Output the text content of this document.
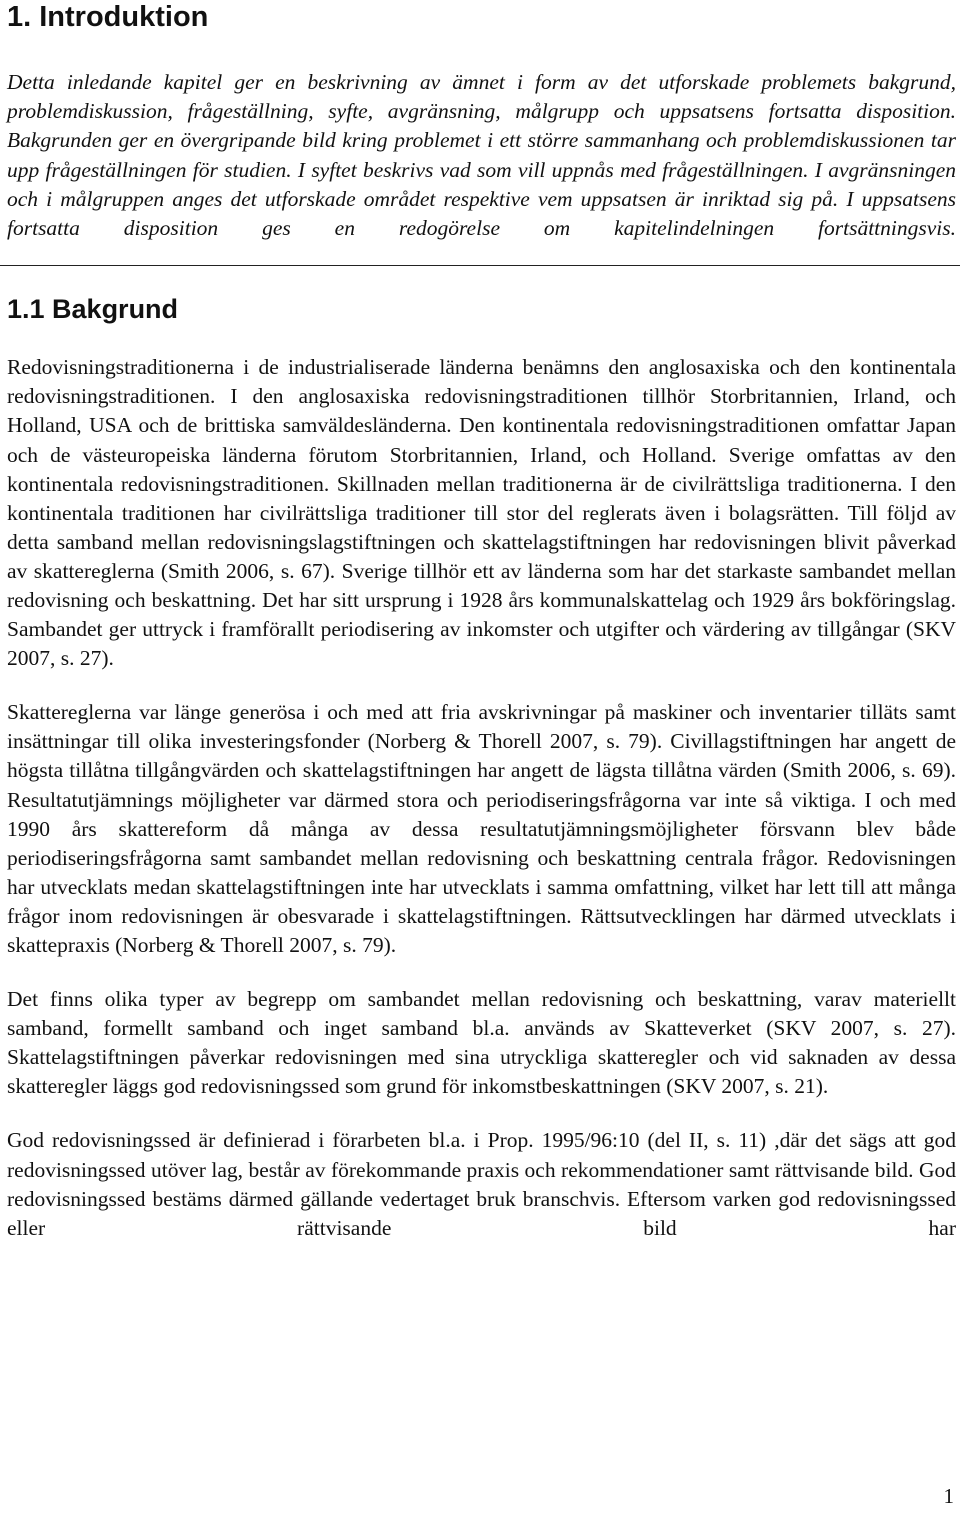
1. Introduktion

Detta inledande kapitel ger en beskrivning av ämnet i form av det utforskade problemets bakgrund, problemdiskussion, frågeställning, syfte, avgränsning, målgrupp och uppsatsens fortsatta disposition. Bakgrunden ger en övergripande bild kring problemet i ett större sammanhang och problemdiskussionen tar upp frågeställningen för studien. I syftet beskrivs vad som vill uppnås med frågeställningen. I avgränsningen och i målgruppen anges det utforskade området respektive vem uppsatsen är inriktad sig på. I uppsatsens fortsatta disposition ges en redogörelse om kapitelindelningen fortsättningsvis.

1.1 Bakgrund

Redovisningstraditionerna i de industrialiserade länderna benämns den anglosaxiska och den kontinentala redovisningstraditionen. I den anglosaxiska redovisningstraditionen tillhör Storbritannien, Irland, och Holland, USA och de brittiska samväldesländerna. Den kontinentala redovisningstraditionen omfattar Japan och de västeuropeiska länderna förutom Storbritannien, Irland, och Holland. Sverige omfattas av den kontinentala redovisningstraditionen. Skillnaden mellan traditionerna är de civilrättsliga traditionerna. I den kontinentala traditionen har civilrättsliga traditioner till stor del reglerats även i bolagsrätten. Till följd av detta samband mellan redovisningslagstiftningen och skattelagstiftningen har redovisningen blivit påverkad av skattereglerna (Smith 2006, s. 67). Sverige tillhör ett av länderna som har det starkaste sambandet mellan redovisning och beskattning. Det har sitt ursprung i 1928 års kommunalskattelag och 1929 års bokföringslag. Sambandet ger uttryck i framförallt periodisering av inkomster och utgifter och värdering av tillgångar (SKV 2007, s. 27).

Skattereglerna var länge generösa i och med att fria avskrivningar på maskiner och inventarier tilläts samt insättningar till olika investeringsfonder (Norberg & Thorell 2007, s. 79). Civillagstiftningen har angett de högsta tillåtna tillgångvärden och skattelagstiftningen har angett de lägsta tillåtna värden (Smith 2006, s. 69). Resultatutjämnings möjligheter var därmed stora och periodiseringsfrågorna var inte så viktiga. I och med 1990 års skattereform då många av dessa resultatutjämningsmöjligheter försvann blev både periodiseringsfrågorna samt sambandet mellan redovisning och beskattning centrala frågor. Redovisningen har utvecklats medan skattelagstiftningen inte har utvecklats i samma omfattning, vilket har lett till att många frågor inom redovisningen är obesvarade i skattelagstiftningen. Rättsutvecklingen har därmed utvecklats i skattepraxis (Norberg & Thorell 2007, s. 79).

Det finns olika typer av begrepp om sambandet mellan redovisning och beskattning, varav materiellt samband, formellt samband och inget samband bl.a. används av Skatteverket (SKV 2007, s. 27). Skattelagstiftningen påverkar redovisningen med sina utryckliga skatteregler och vid saknaden av dessa skatteregler läggs god redovisningssed som grund för inkomstbeskattningen (SKV 2007, s. 21).

God redovisningssed är definierad i förarbeten bl.a. i Prop. 1995/96:10 (del II, s. 11) ,där det sägs att god redovisningssed utöver lag, består av förekommande praxis och rekommendationer samt rättvisande bild. God redovisningssed bestäms därmed gällande vedertaget bruk branschvis. Eftersom varken god redovisningssed eller rättvisande bild har

1
